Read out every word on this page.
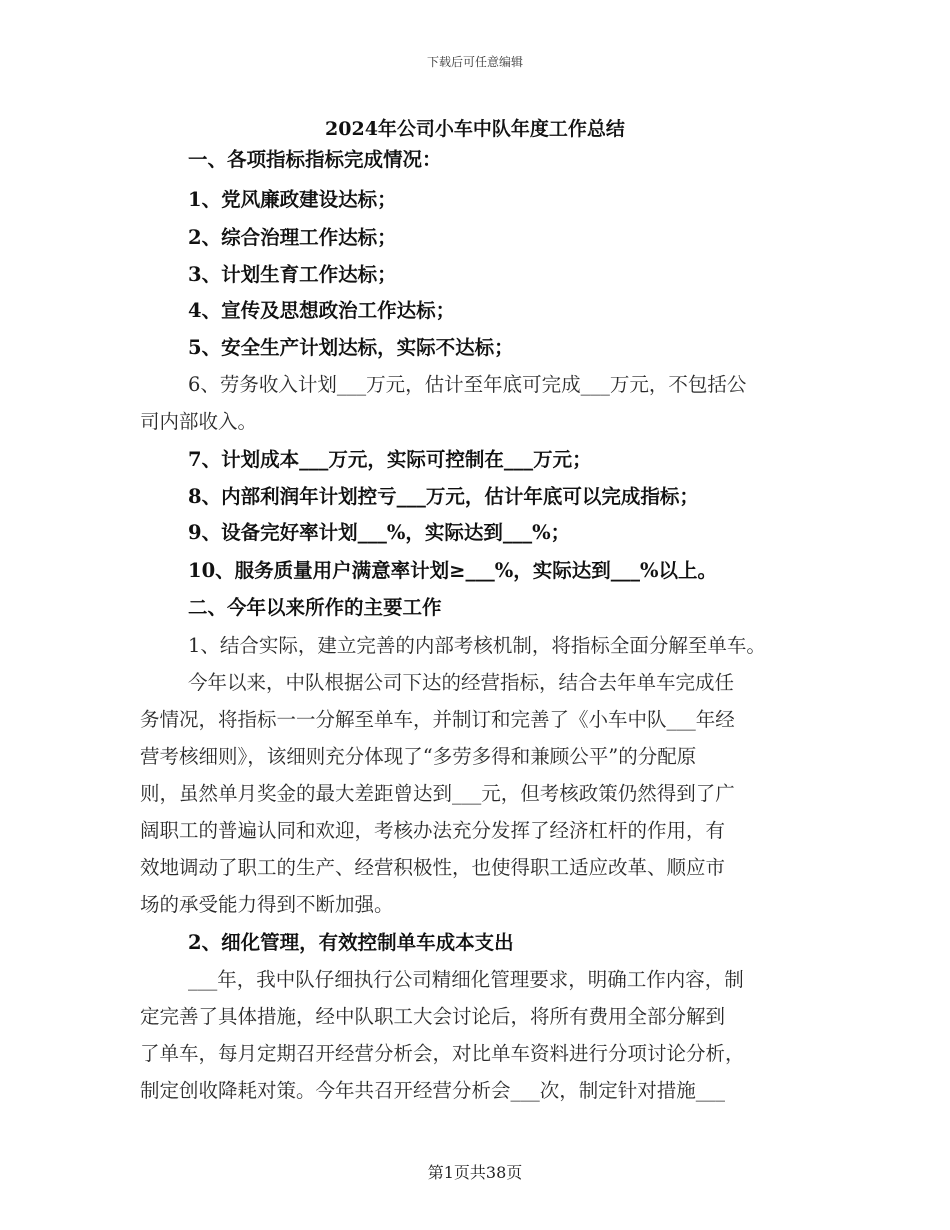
下载后可任意编辑
2024年公司小车中队年度工作总结
一、各项指标指标完成情况：
1、党风廉政建设达标；
2、综合治理工作达标；
3、计划生育工作达标；
4、宣传及思想政治工作达标；
5、安全生产计划达标，实际不达标；
6、劳务收入计划___万元，估计至年底可完成___万元，不包括公
司内部收入。
7、计划成本___万元，实际可控制在___万元；
8、内部利润年计划控亏___万元，估计年底可以完成指标；
9、设备完好率计划___%，实际达到___%；
10、服务质量用户满意率计划≥___%，实际达到___%以上。
二、今年以来所作的主要工作
1、结合实际，建立完善的内部考核机制，将指标全面分解至单车。
今年以来，中队根据公司下达的经营指标，结合去年单车完成任
务情况，将指标一一分解至单车，并制订和完善了《小车中队___年经
营考核细则》，该细则充分体现了“多劳多得和兼顾公平”的分配原
则，虽然单月奖金的最大差距曾达到___元，但考核政策仍然得到了广
阔职工的普遍认同和欢迎，考核办法充分发挥了经济杠杆的作用，有
效地调动了职工的生产、经营积极性，也使得职工适应改革、顺应市
场的承受能力得到不断加强。
2、细化管理，有效控制单车成本支出
___年，我中队仔细执行公司精细化管理要求，明确工作内容，制
定完善了具体措施，经中队职工大会讨论后，将所有费用全部分解到
了单车，每月定期召开经营分析会，对比单车资料进行分项讨论分析，
制定创收降耗对策。今年共召开经营分析会___次，制定针对措施___
第1页共38页
